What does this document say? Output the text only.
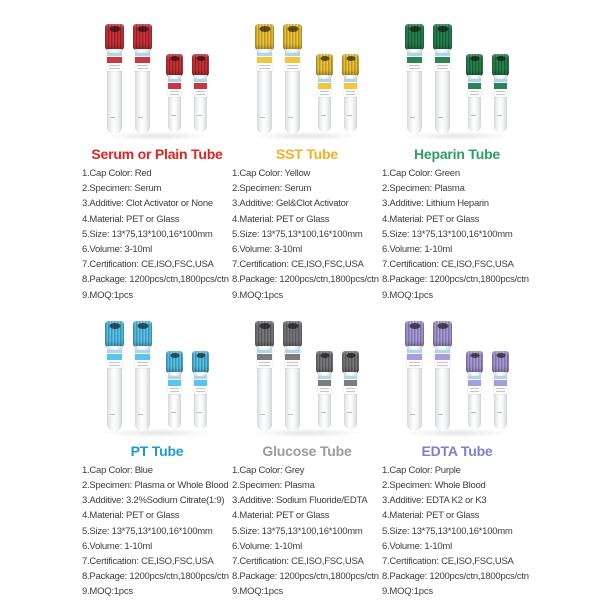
Serum or Plain Tube
1.Cap Color: Red
2.Specimen: Serum
3.Additive: Clot Activator or None
4.Material: PET or Glass
5.Size: 13*75,13*100,16*100mm
6.Volume: 3-10ml
7.Certification: CE,ISO,FSC,USA
8.Package: 1200pcs/ctn,1800pcs/ctn
9.MOQ:1pcs
SST Tube
1.Cap Color: Yellow
2.Specimen: Serum
3.Additive: Gel&Clot Activator
4.Material: PET or Glass
5.Size: 13*75,13*100,16*100mm
6.Volume: 3-10ml
7.Certification: CE,ISO,FSC,USA
8.Package: 1200pcs/ctn,1800pcs/ctn
9.MOQ:1pcs
Heparin Tube
1.Cap Color: Green
2.Specimen: Plasma
3.Additive: Lithium Heparin
4.Material: PET or Glass
5.Size: 13*75,13*100,16*100mm
6.Volume: 1-10ml
7.Certification: CE,ISO,FSC,USA
8.Package: 1200pcs/ctn,1800pcs/ctn
9.MOQ:1pcs
PT Tube
1.Cap Color: Blue
2.Specimen: Plasma or Whole Blood
3.Additive: 3.2%Sodium Citrate(1:9)
4.Material: PET or Glass
5.Size: 13*75,13*100,16*100mm
6.Volume: 1-10ml
7.Certification: CE,ISO,FSC,USA
8.Package: 1200pcs/ctn,1800pcs/ctn
9.MOQ:1pcs
Glucose Tube
1.Cap Color: Grey
2.Specimen: Plasma
3.Additive: Sodium Fluoride/EDTA
4.Material: PET or Glass
5.Size: 13*75,13*100,16*100mm
6.Volume: 1-10ml
7.Certification: CE,ISO,FSC,USA
8.Package: 1200pcs/ctn,1800pcs/ctn
9.MOQ:1pcs
EDTA Tube
1.Cap Color: Purple
2.Specimen: Whole Blood
3.Additive: EDTA K2 or K3
4.Material: PET or Glass
5.Size: 13*75,13*100,16*100mm
6.Volume: 1-10ml
7.Certification: CE,ISO,FSC,USA
8.Package: 1200pcs/ctn,1800pcs/ctn
9.MOQ:1pcs
